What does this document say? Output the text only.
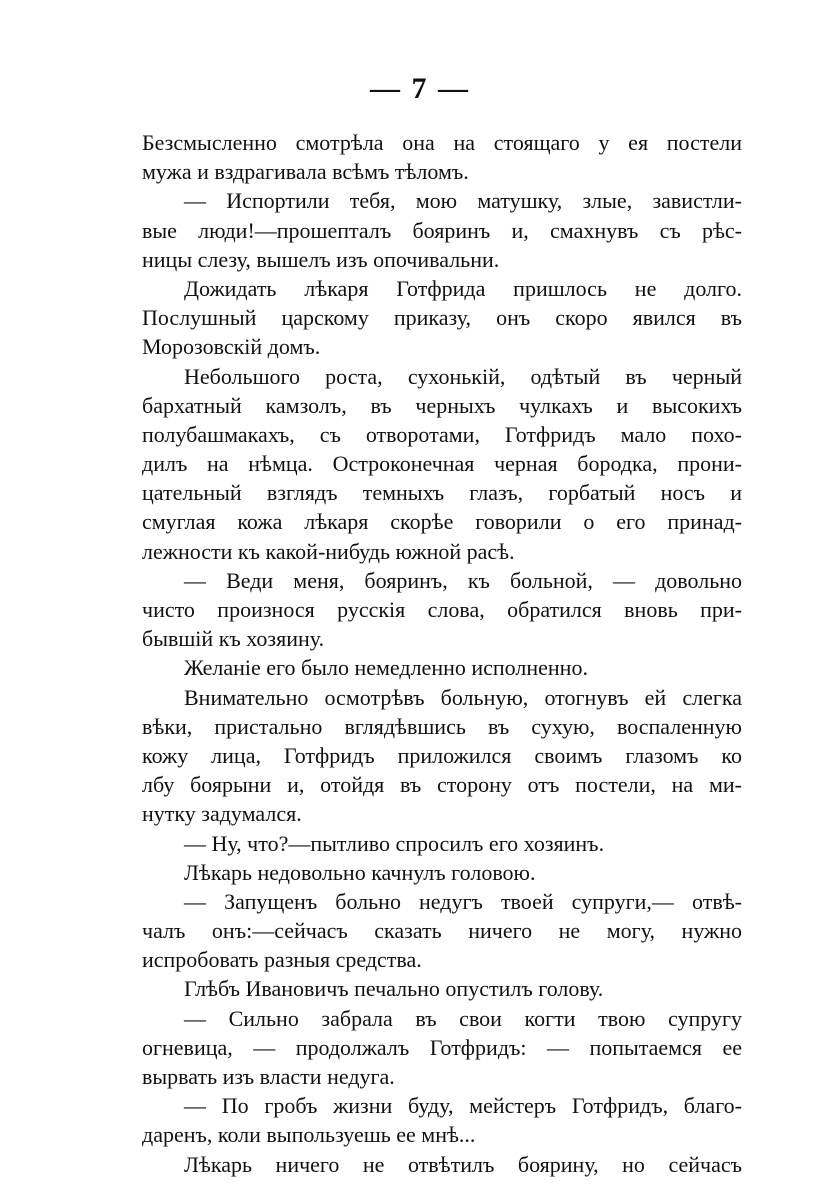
— 7 —
Безсмысленно смотрѣла она на стоящаго у ея постели
мужа и вздрагивала всѣмъ тѣломъ.
— Испортили тебя, мою матушку, злые, завистли-
вые люди!—прошепталъ бояринъ и, смахнувъ съ рѣс-
ницы слезу, вышелъ изъ опочивальни.
Дожидать лѣкаря Готфрида пришлось не долго.
Послушный царскому приказу, онъ скоро явился въ
Морозовскій домъ.
Небольшого роста, сухонькій, одѣтый въ черный
бархатный камзолъ, въ черныхъ чулкахъ и высокихъ
полубашмакахъ, съ отворотами, Готфридъ мало похо-
дилъ на нѣмца. Остроконечная черная бородка, прони-
цательный взглядъ темныхъ глазъ, горбатый носъ и
смуглая кожа лѣкаря скорѣе говорили о его принад-
лежности къ какой-нибудь южной расѣ.
— Веди меня, бояринъ, къ больной, — довольно
чисто произнося русскія слова, обратился вновь при-
бывшій къ хозяину.
Желаніе его было немедленно исполненно.
Внимательно осмотрѣвъ больную, отогнувъ ей слегка
вѣки, пристально вглядѣвшись въ сухую, воспаленную
кожу лица, Готфридъ приложился своимъ глазомъ ко
лбу боярыни и, отойдя въ сторону отъ постели, на ми-
нутку задумался.
— Ну, что?—пытливо спросилъ его хозяинъ.
Лѣкарь недовольно качнулъ головою.
— Запущенъ больно недугъ твоей супруги,— отвѣ-
чалъ онъ:—сейчасъ сказать ничего не могу, нужно
испробовать разныя средства.
Глѣбъ Ивановичъ печально опустилъ голову.
— Сильно забрала въ свои когти твою супругу
огневица, — продолжалъ Готфридъ: — попытаемся ее
вырвать изъ власти недуга.
— По гробъ жизни буду, мейстеръ Готфридъ, благо-
даренъ, коли выпользуешь ее мнѣ...
Лѣкарь ничего не отвѣтилъ боярину, но сейчасъ
